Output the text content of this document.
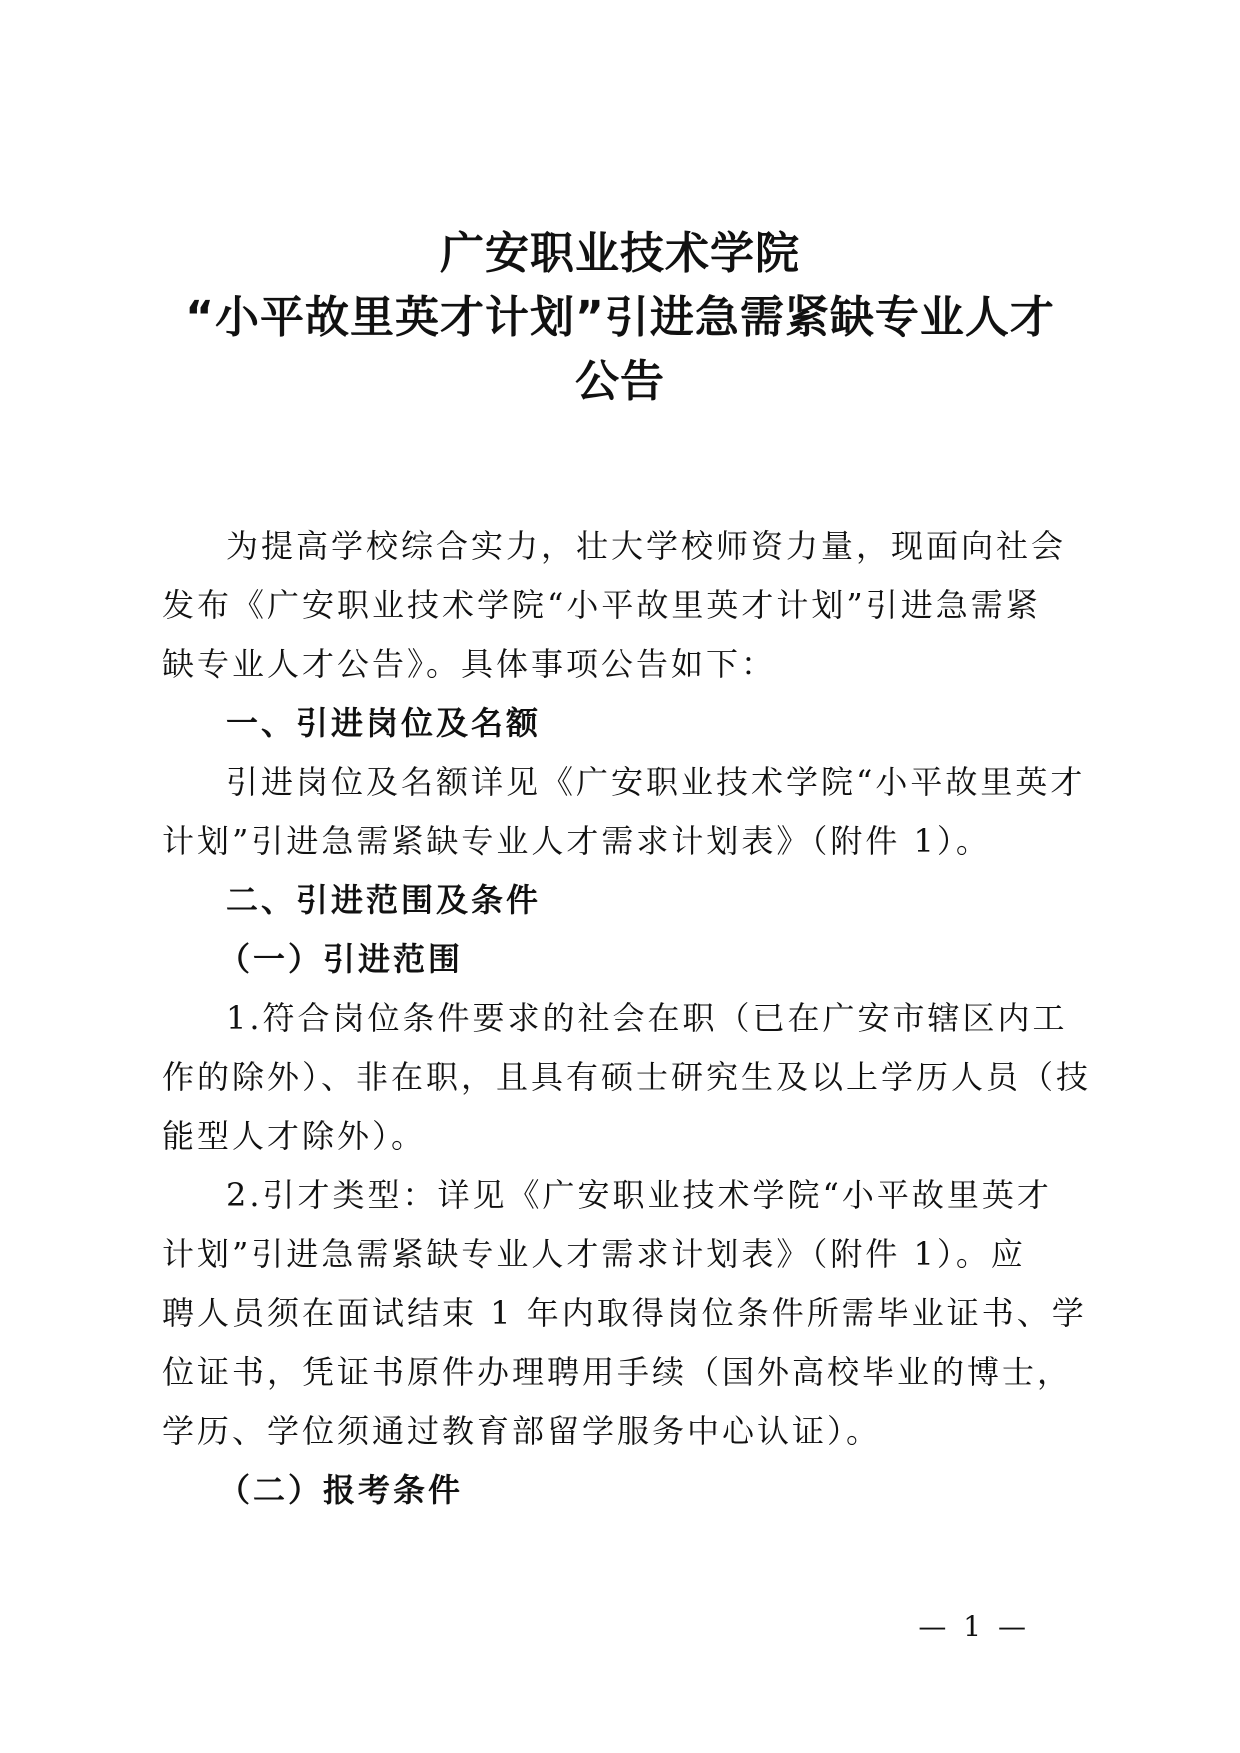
广安职业技术学院
“小平故里英才计划”引进急需紧缺专业人才
公告
为提高学校综合实力，壮大学校师资力量，现面向社会
发布《广安职业技术学院“小平故里英才计划”引进急需紧
缺专业人才公告》。具体事项公告如下：
一、引进岗位及名额
引进岗位及名额详见《广安职业技术学院“小平故里英才
计划”引进急需紧缺专业人才需求计划表》（附件 1）。
二、引进范围及条件
（一）引进范围
1.符合岗位条件要求的社会在职（已在广安市辖区内工
作的除外）、非在职，且具有硕士研究生及以上学历人员（技
能型人才除外）。
2.引才类型：详见《广安职业技术学院“小平故里英才
计划”引进急需紧缺专业人才需求计划表》（附件 1）。应
聘人员须在面试结束 1 年内取得岗位条件所需毕业证书、学
位证书，凭证书原件办理聘用手续（国外高校毕业的博士，
学历、学位须通过教育部留学服务中心认证）。
（二）报考条件
— 1 —
